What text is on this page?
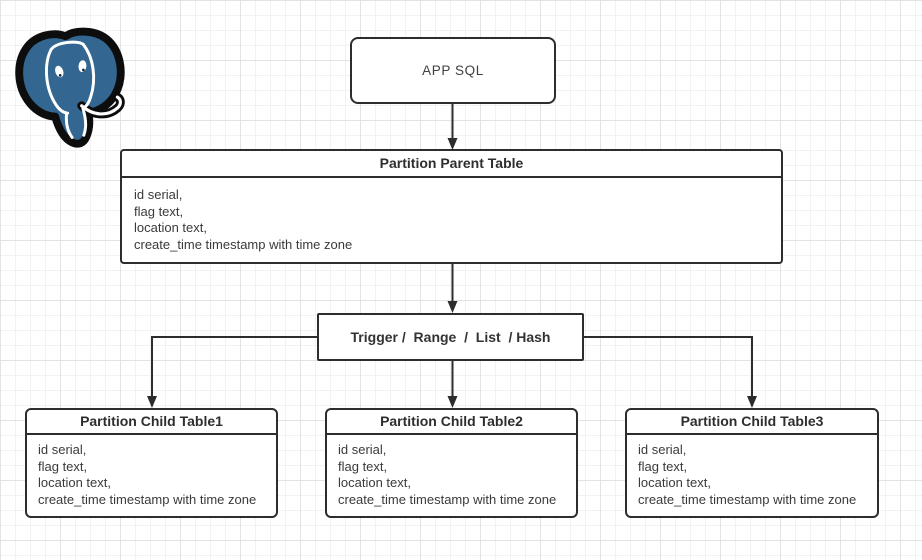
APP SQL
Partition Parent Table
id serial,
flag text,
location text,
create_time timestamp with time zone
Trigger /  Range  /  List  / Hash
Partition Child Table1
id serial,
flag text,
location text,
create_time timestamp with time zone
Partition Child Table2
id serial,
flag text,
location text,
create_time timestamp with time zone
Partition Child Table3
id serial,
flag text,
location text,
create_time timestamp with time zone
